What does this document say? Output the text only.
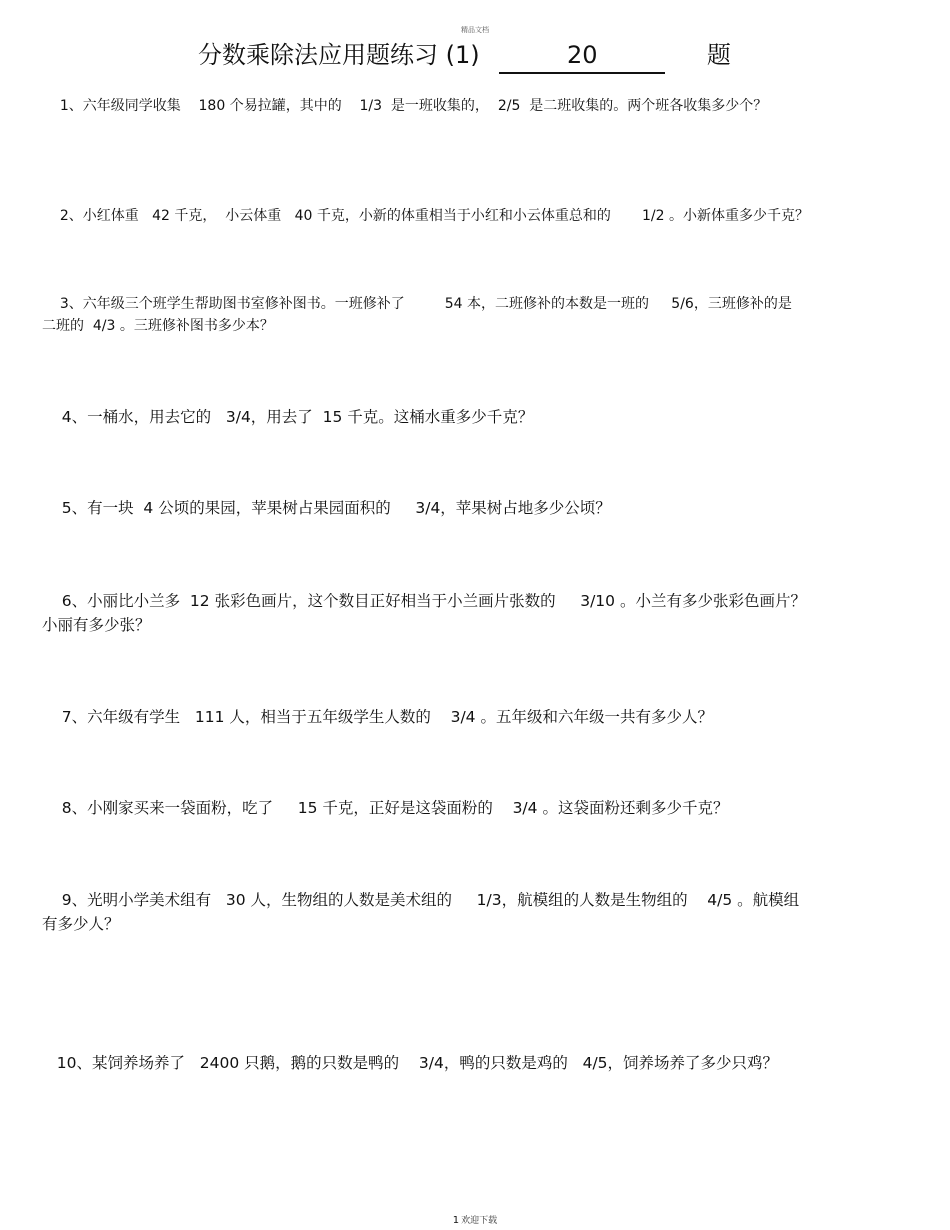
精品文档
分数乘除法应用题练习 (1)	20	题
1、六年级同学收集    180 个易拉罐，其中的    1/3  是一班收集的，  2/5  是二班收集的。两个班各收集多少个？
2、小红体重   42 千克，  小云体重   40 千克，小新的体重相当于小红和小云体重总和的       1/2 。小新体重多少千克？
3、六年级三个班学生帮助图书室修补图书。一班修补了         54 本，二班修补的本数是一班的     5/6，三班修补的是
二班的  4/3 。三班修补图书多少本？
4、一桶水，用去它的   3/4，用去了  15 千克。这桶水重多少千克？
5、有一块  4 公顷的果园，苹果树占果园面积的     3/4，苹果树占地多少公顷？
6、小丽比小兰多  12 张彩色画片，这个数目正好相当于小兰画片张数的     3/10 。小兰有多少张彩色画片？
小丽有多少张？
7、六年级有学生   111 人，相当于五年级学生人数的    3/4 。五年级和六年级一共有多少人？
8、小刚家买来一袋面粉，吃了     15 千克，正好是这袋面粉的    3/4 。这袋面粉还剩多少千克？
9、光明小学美术组有   30 人，生物组的人数是美术组的     1/3，航模组的人数是生物组的    4/5 。航模组
有多少人？
10、某饲养场养了   2400 只鹅，鹅的只数是鸭的    3/4，鸭的只数是鸡的   4/5，饲养场养了多少只鸡？
1 欢迎下载
